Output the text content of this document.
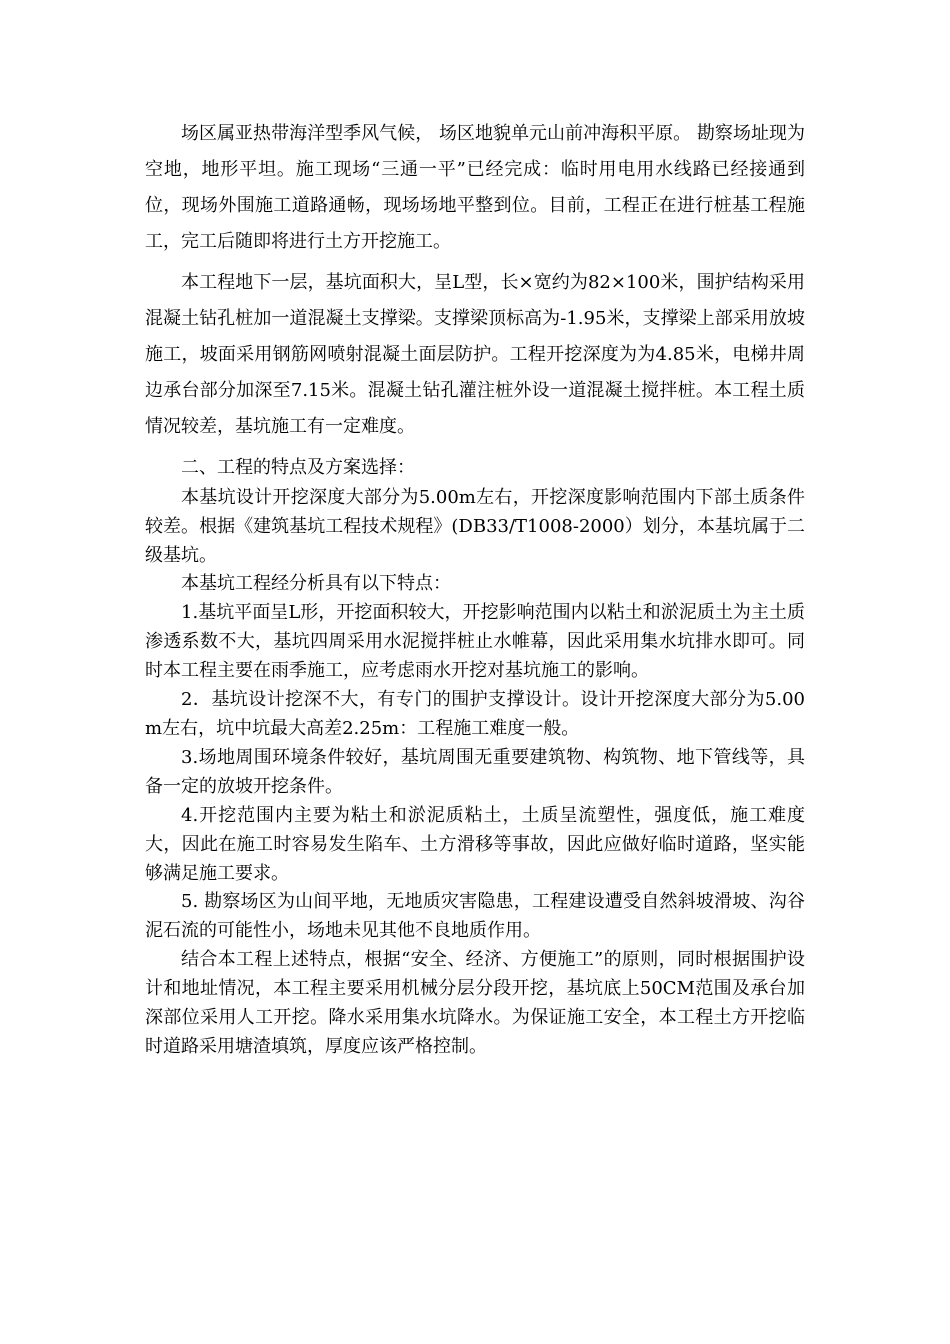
场区属亚热带海洋型季风气候， 场区地貌单元山前冲海积平原。 勘察场址现为空地，地形平坦。施工现场“三通一平”已经完成：临时用电用水线路已经接通到位，现场外围施工道路通畅，现场场地平整到位。目前，工程正在进行桩基工程施工，完工后随即将进行土方开挖施工。

本工程地下一层，基坑面积大，呈L型，长×宽约为82×100米，围护结构采用混凝土钻孔桩加一道混凝土支撑梁。支撑梁顶标高为-1.95米，支撑梁上部采用放坡施工，坡面采用钢筋网喷射混凝土面层防护。工程开挖深度为为4.85米，电梯井周边承台部分加深至7.15米。混凝土钻孔灌注桩外设一道混凝土搅拌桩。本工程土质情况较差，基坑施工有一定难度。

二、工程的特点及方案选择：

本基坑设计开挖深度大部分为5.00m左右，开挖深度影响范围内下部土质条件较差。根据《建筑基坑工程技术规程》(DB33/T1008-2000）划分，本基坑属于二级基坑。

本基坑工程经分析具有以下特点：

1.基坑平面呈L形，开挖面积较大，开挖影响范围内以粘土和淤泥质土为主土质渗透系数不大，基坑四周采用水泥搅拌桩止水帷幕，因此采用集水坑排水即可。同时本工程主要在雨季施工，应考虑雨水开挖对基坑施工的影响。

2．基坑设计挖深不大，有专门的围护支撑设计。设计开挖深度大部分为5.00m左右，坑中坑最大高差2.25m：工程施工难度一般。

3.场地周围环境条件较好，基坑周围无重要建筑物、构筑物、地下管线等，具备一定的放坡开挖条件。

4.开挖范围内主要为粘土和淤泥质粘土，土质呈流塑性，强度低，施工难度大，因此在施工时容易发生陷车、土方滑移等事故，因此应做好临时道路，坚实能够满足施工要求。

5. 勘察场区为山间平地，无地质灾害隐患，工程建设遭受自然斜坡滑坡、沟谷泥石流的可能性小，场地未见其他不良地质作用。

结合本工程上述特点，根据“安全、经济、方便施工”的原则，同时根据围护设计和地址情况，本工程主要采用机械分层分段开挖，基坑底上50CM范围及承台加深部位采用人工开挖。降水采用集水坑降水。为保证施工安全，本工程土方开挖临时道路采用塘渣填筑，厚度应该严格控制。
